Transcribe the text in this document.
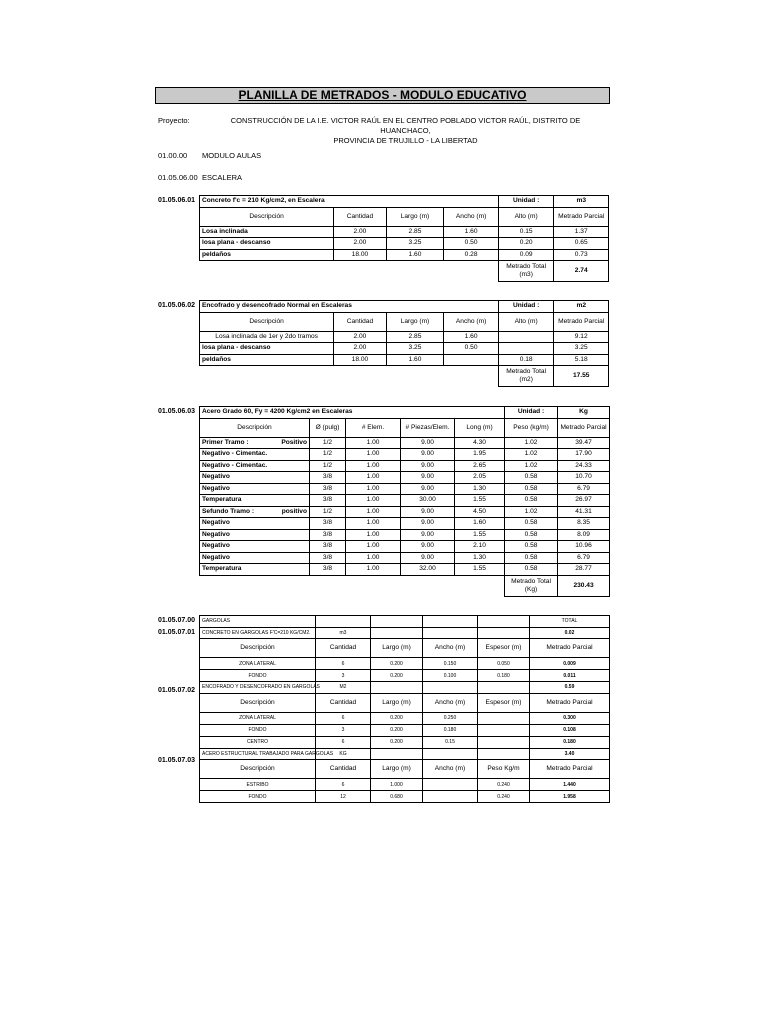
PLANILLA DE METRADOS - MODULO EDUCATIVO
Proyecto:	CONSTRUCCIÓN DE LA I.E. VICTOR RAÚL EN EL CENTRO POBLADO VICTOR RAÚL, DISTRITO DE HUANCHACO,
PROVINCIA DE TRUJILLO - LA LIBERTAD
01.00.00 MODULO AULAS
01.05.06.00 ESCALERA
01.05.06.01 Concreto f'c = 210 Kg/cm2, en Escalera				Unidad :	m3
Descripción	Cantidad	Largo (m)	Ancho (m)	Alto (m)	Metrado Parcial
Losa inclinada	2.00	2.85	1.60	0.15	1.37
losa plana - descanso	2.00	3.25	0.50	0.20	0.65
peldaños	18.00	1.60	0.28	0.09	0.73
				Metrado Total (m3)	2.74
01.05.06.02 Encofrado y desencofrado Normal en Escaleras				Unidad :	m2
Descripción	Cantidad	Largo (m)	Ancho (m)	Alto (m)	Metrado Parcial
Losa inclinada de 1er y 2do tramos	2.00	2.85	1.60		9.12
losa plana - descanso	2.00	3.25	0.50		3.25
peldaños	18.00	1.60		0.18	5.18
				Metrado Total (m2)	17.55
01.05.06.03 Acero Grado 60, Fy = 4200 Kg/cm2 en Escaleras						Unidad :	Kg
Descripción		Ø (pulg)	# Elem.	# Piezas/Elem.	Long (m)	Peso (kg/m)	Metrado Parcial
Primer Tramo :	Positivo	1/2	1.00	9.00	4.30	1.02	39.47
Negativo - Cimentac.		1/2	1.00	9.00	1.95	1.02	17.90
Negativo - Cimentac.		1/2	1.00	9.00	2.65	1.02	24.33
Negativo		3/8	1.00	9.00	2.05	0.58	10.70
Negativo		3/8	1.00	9.00	1.30	0.58	6.79
Temperatura		3/8	1.00	30.00	1.55	0.58	26.97
Sefundo Tramo :	positivo	1/2	1.00	9.00	4.50	1.02	41.31
Negativo		3/8	1.00	9.00	1.60	0.58	8.35
Negativo		3/8	1.00	9.00	1.55	0.58	8.09
Negativo		3/8	1.00	9.00	2.10	0.58	10.96
Negativo		3/8	1.00	9.00	1.30	0.58	6.79
Temperatura		3/8	1.00	32.00	1.55	0.58	28.77
						Metrado Total (Kg)	230.43
01.05.07.00
01.05.07.01
01.05.07.02
01.05.07.03
GARGOLAS					TOTAL
CONCRETO EN GARGOLAS F'C=210 KG/CM2.	m3				0.02
Descripción	Cantidad	Largo (m)	Ancho (m)	Espesor (m)	Metrado Parcial
ZONA LATERAL	6	0.200	0.150	0.050	0.009
FONDO	3	0.200	0.100	0.180	0.011
ENCOFRADO Y DESENCOFRADO EN GARGOLAS	M2				0.59
Descripción	Cantidad	Largo (m)	Ancho (m)	Espesor (m)	Metrado Parcial
ZONA LATERAL	6	0.200	0.250		0.300
FONDO	3	0.200	0.180		0.108
CENTRO	6	0.200	0.15		0.180
ACERO ESTRUCTURAL TRABAJADO PARA GARGOLAS	KG				3.40
Descripción	Cantidad	Largo (m)	Ancho (m)	Peso Kg/m	Metrado Parcial
ESTRIBO	6	1.000		0.240	1.440
FONDO	12	0.680		0.240	1.958
